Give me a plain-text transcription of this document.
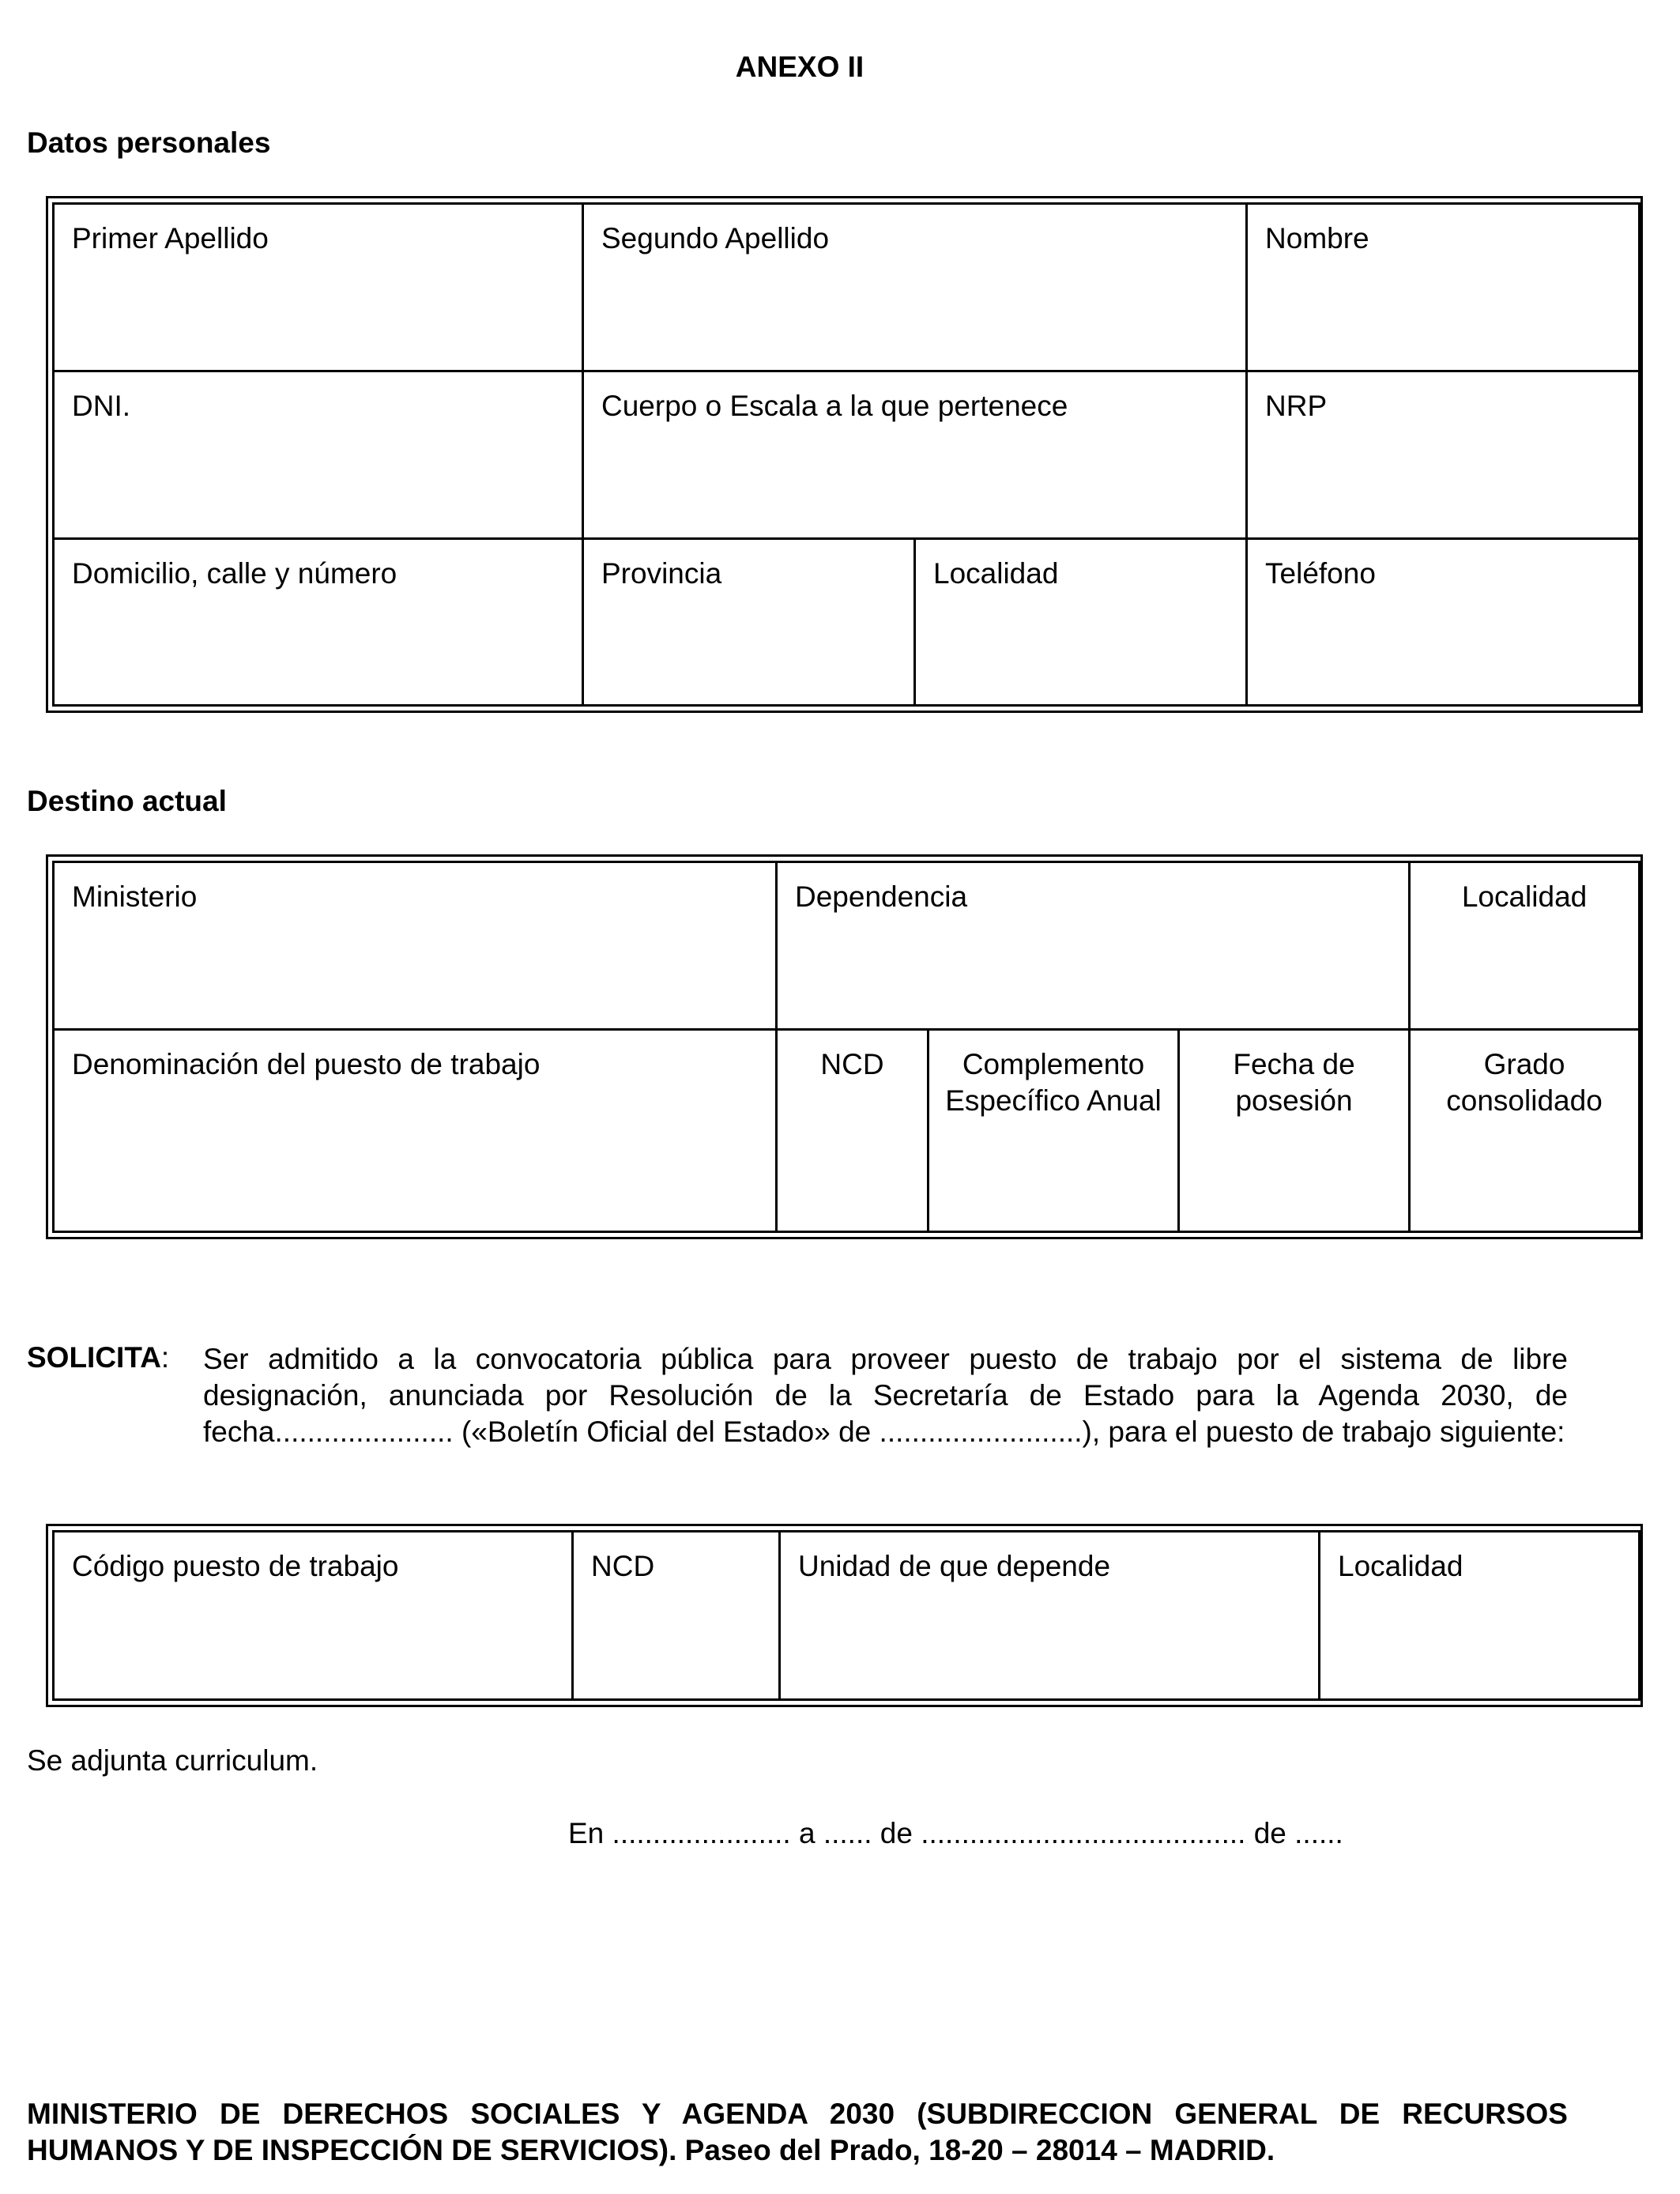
ANEXO II
Datos personales
Primer Apellido	Segundo Apellido		Nombre
DNI.	Cuerpo o Escala a la que pertenece		NRP
Domicilio, calle y número	Provincia	Localidad	Teléfono
Destino actual
Ministerio	Dependencia			Localidad
Denominación del puesto de trabajo	NCD	Complemento Específico Anual	Fecha de posesión	Grado consolidado
SOLICITA: Ser admitido a la convocatoria pública para proveer puesto de trabajo por el sistema de libre designación, anunciada por Resolución de la Secretaría de Estado para la Agenda 2030, de fecha...................... («Boletín Oficial del Estado» de .........................), para el puesto de trabajo siguiente:
Código puesto de trabajo	NCD	Unidad de que depende	Localidad
Se adjunta curriculum.
En ...................... a ...... de ........................................ de ......
MINISTERIO DE DERECHOS SOCIALES Y AGENDA 2030 (SUBDIRECCION GENERAL DE RECURSOS HUMANOS Y DE INSPECCIÓN DE SERVICIOS). Paseo del Prado, 18-20 – 28014 – MADRID.
